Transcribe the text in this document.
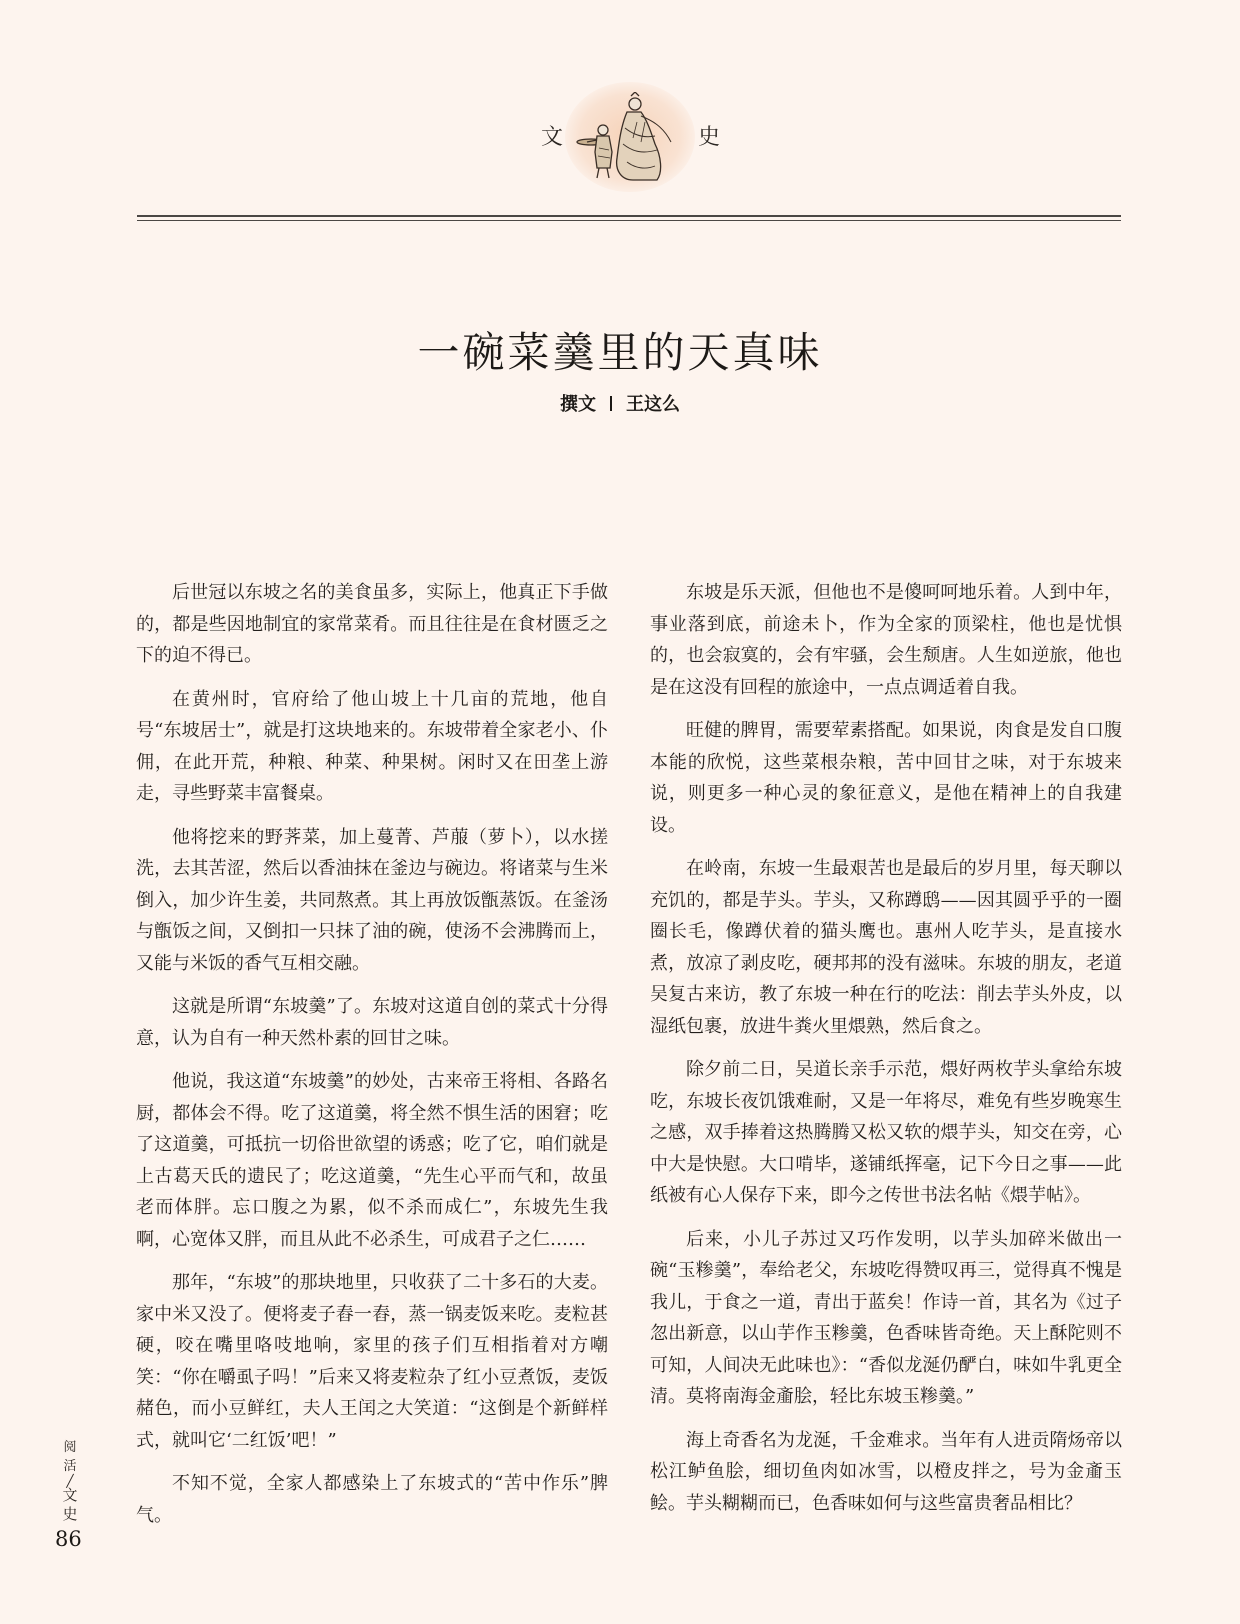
文	史
一碗菜羹里的天真味
撰文 王这么

后世冠以东坡之名的美食虽多，实际上，他真正下手做的，都是些因地制宜的家常菜肴。而且往往是在食材匮乏之下的迫不得已。

在黄州时，官府给了他山坡上十几亩的荒地，他自号“东坡居士”，就是打这块地来的。东坡带着全家老小、仆佣，在此开荒，种粮、种菜、种果树。闲时又在田垄上游走，寻些野菜丰富餐桌。

他将挖来的野荠菜，加上蔓菁、芦菔（萝卜），以水搓洗，去其苦涩，然后以香油抹在釜边与碗边。将诸菜与生米倒入，加少许生姜，共同熬煮。其上再放饭甑蒸饭。在釜汤与甑饭之间，又倒扣一只抹了油的碗，使汤不会沸腾而上，又能与米饭的香气互相交融。

这就是所谓“东坡羹”了。东坡对这道自创的菜式十分得意，认为自有一种天然朴素的回甘之味。

他说，我这道“东坡羹”的妙处，古来帝王将相、各路名厨，都体会不得。吃了这道羹，将全然不惧生活的困窘；吃了这道羹，可抵抗一切俗世欲望的诱惑；吃了它，咱们就是上古葛天氏的遗民了；吃这道羹，“先生心平而气和，故虽老而体胖。忘口腹之为累，似不杀而成仁”，东坡先生我啊，心宽体又胖，而且从此不必杀生，可成君子之仁……

那年，“东坡”的那块地里，只收获了二十多石的大麦。家中米又没了。便将麦子舂一舂，蒸一锅麦饭来吃。麦粒甚硬，咬在嘴里咯吱地响，家里的孩子们互相指着对方嘲笑：“你在嚼虱子吗！”后来又将麦粒杂了红小豆煮饭，麦饭赭色，而小豆鲜红，夫人王闰之大笑道：“这倒是个新鲜样式，就叫它‘二红饭’吧！”

不知不觉，全家人都感染上了东坡式的“苦中作乐”脾气。

东坡是乐天派，但他也不是傻呵呵地乐着。人到中年，事业落到底，前途未卜，作为全家的顶梁柱，他也是忧惧的，也会寂寞的，会有牢骚，会生颓唐。人生如逆旅，他也是在这没有回程的旅途中，一点点调适着自我。

旺健的脾胃，需要荤素搭配。如果说，肉食是发自口腹本能的欣悦，这些菜根杂粮，苦中回甘之味，对于东坡来说，则更多一种心灵的象征意义，是他在精神上的自我建设。

在岭南，东坡一生最艰苦也是最后的岁月里，每天聊以充饥的，都是芋头。芋头，又称蹲鸱——因其圆乎乎的一圈圈长毛，像蹲伏着的猫头鹰也。惠州人吃芋头，是直接水煮，放凉了剥皮吃，硬邦邦的没有滋味。东坡的朋友，老道吴复古来访，教了东坡一种在行的吃法：削去芋头外皮，以湿纸包裹，放进牛粪火里煨熟，然后食之。

除夕前二日，吴道长亲手示范，煨好两枚芋头拿给东坡吃，东坡长夜饥饿难耐，又是一年将尽，难免有些岁晚寒生之感，双手捧着这热腾腾又松又软的煨芋头，知交在旁，心中大是快慰。大口啃毕，遂铺纸挥毫，记下今日之事——此纸被有心人保存下来，即今之传世书法名帖《煨芋帖》。

后来，小儿子苏过又巧作发明，以芋头加碎米做出一碗“玉糁羹”，奉给老父，东坡吃得赞叹再三，觉得真不愧是我儿，于食之一道，青出于蓝矣！作诗一首，其名为《过子忽出新意，以山芋作玉糁羹，色香味皆奇绝。天上酥陀则不可知，人间决无此味也》：“香似龙涎仍酽白，味如牛乳更全清。莫将南海金齑脍，轻比东坡玉糁羹。”

海上奇香名为龙涎，千金难求。当年有人进贡隋炀帝以松江鲈鱼脍，细切鱼肉如冰雪，以橙皮拌之，号为金齑玉鲙。芋头糊糊而已，色香味如何与这些富贵奢品相比？

阅
活
╱
文
史
86
